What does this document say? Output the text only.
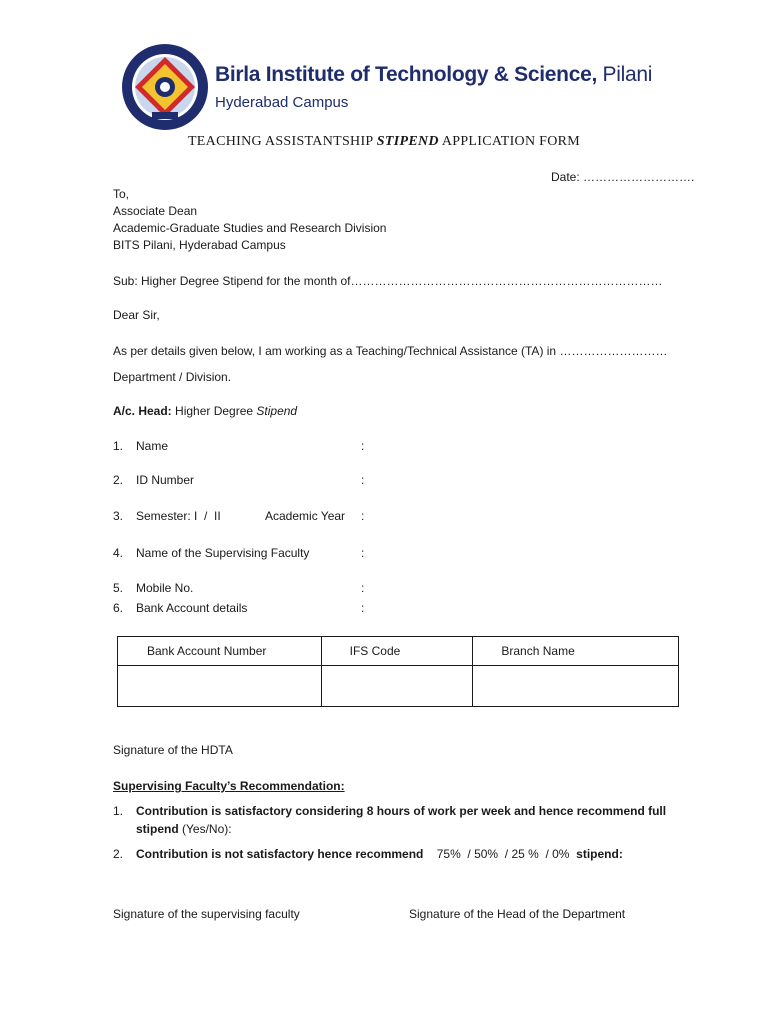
Birla Institute of Technology & Science, Pilani
Hyderabad Campus
TEACHING ASSISTANTSHIP STIPEND APPLICATION FORM
Date: ……………………….
To,
Associate Dean
Academic-Graduate Studies and Research Division
BITS Pilani, Hyderabad Campus
Sub: Higher Degree Stipend for the month of……………………………………………………………………
Dear Sir,
As per details given below, I am working as a Teaching/Technical Assistance (TA) in ………………………
Department / Division.
A/c. Head: Higher Degree Stipend
1. Name	:
2. ID Number	:
3. Semester: I  /  II	Academic Year :
4. Name of the Supervising Faculty	:
5. Mobile No.	:
6. Bank Account details	:
Bank Account Number	IFS Code	Branch Name

Signature of the HDTA
Supervising Faculty’s Recommendation:
1. Contribution is satisfactory considering 8 hours of work per week and hence recommend full
stipend (Yes/No):
2. Contribution is not satisfactory hence recommend 75%  / 50%  / 25 %  / 0% stipend:
Signature of the supervising faculty	Signature of the Head of the Department
